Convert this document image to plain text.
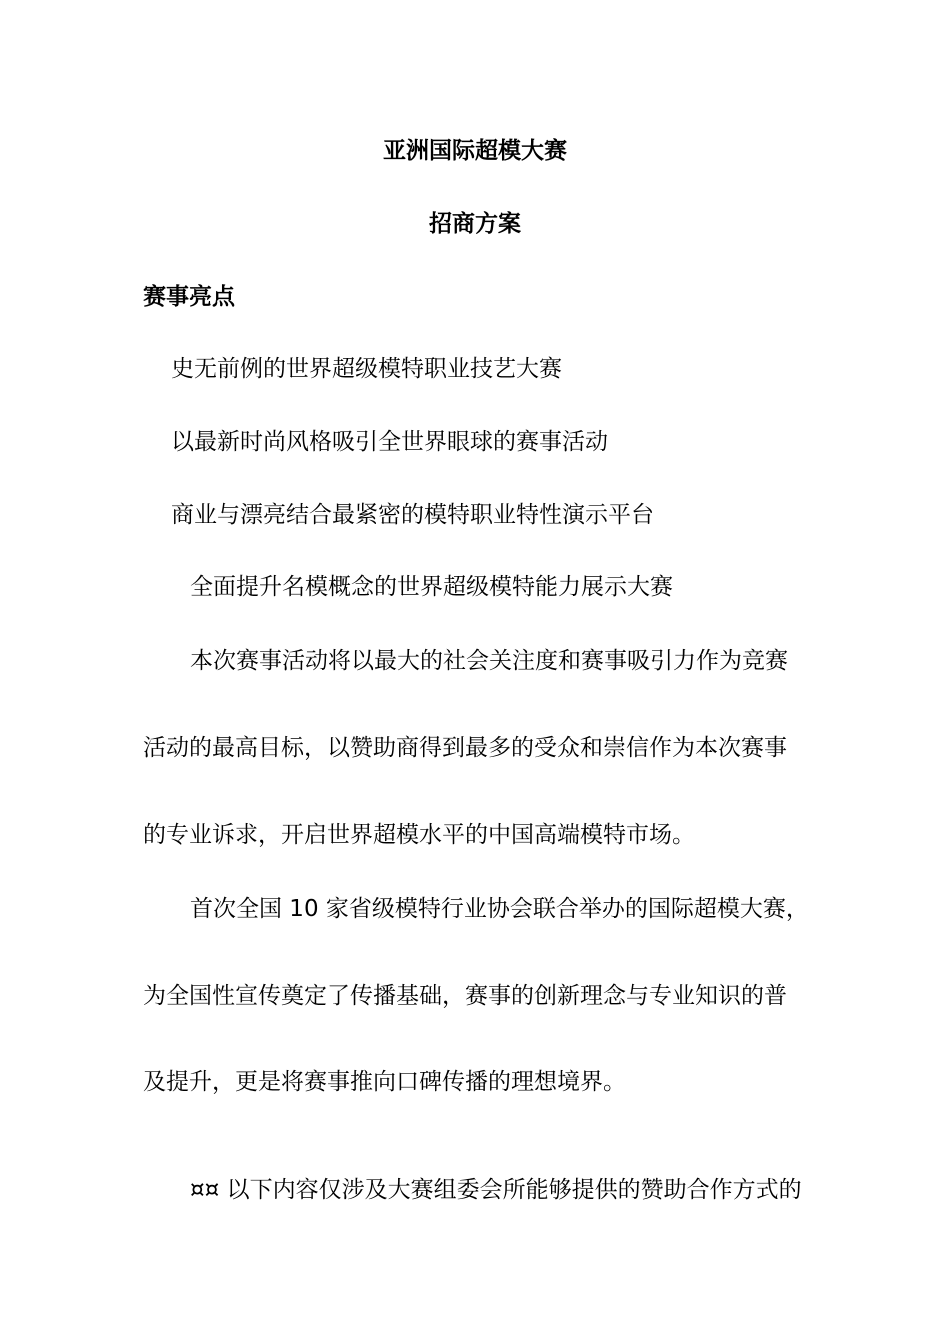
亚洲国际超模大赛
招商方案
赛事亮点
史无前例的世界超级模特职业技艺大赛
以最新时尚风格吸引全世界眼球的赛事活动
商业与漂亮结合最紧密的模特职业特性演示平台
全面提升名模概念的世界超级模特能力展示大赛
本次赛事活动将以最大的社会关注度和赛事吸引力作为竞赛
活动的最高目标，以赞助商得到最多的受众和崇信作为本次赛事
的专业诉求，开启世界超模水平的中国高端模特市场。
首次全国 10 家省级模特行业协会联合举办的国际超模大赛，
为全国性宣传奠定了传播基础，赛事的创新理念与专业知识的普
及提升，更是将赛事推向口碑传播的理想境界。
¤¤ 以下内容仅涉及大赛组委会所能够提供的赞助合作方式的
